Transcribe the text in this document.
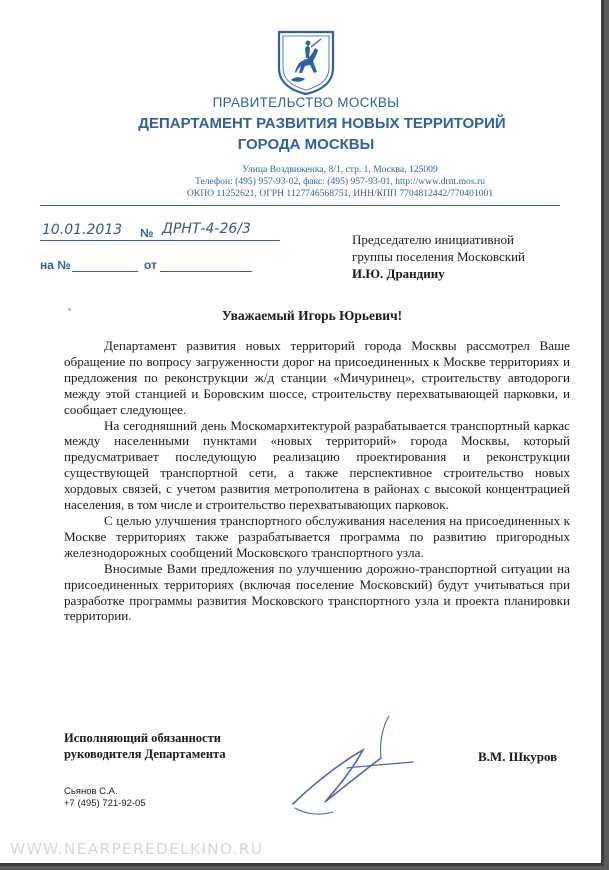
ПРАВИТЕЛЬСТВО МОСКВЫ
ДЕПАРТАМЕНТ РАЗВИТИЯ НОВЫХ ТЕРРИТОРИЙ
ГОРОДА МОСКВЫ
Улица Воздвиженка, 8/1, стр. 1, Москва, 125009
Телефон: (495) 957-93-02, факс: (495) 957-93-01, http://www.drnt.mos.ru
ОКПО 11252621, ОГРН 1127746568751, ИНН/КПП 7704812442/770401001
10.01.2013 № ДРНТ-4-26/3
на №	от
Председателю инициативной
группы поселения Московский
И.Ю. Драндину
Уважаемый Игорь Юрьевич!

Департамент развития новых территорий города Москвы рассмотрел Ваше обращение по вопросу загруженности дорог на присоединенных к Москве территориях и предложения по реконструкции ж/д станции «Мичуринец», строительству автодороги между этой станцией и Боровским шоссе, строительству перехватывающей парковки, и сообщает следующее.

На сегодняшний день Москомархитектурой разрабатывается транспортный каркас между населенными пунктами «новых территорий» города Москвы, который предусматривает последующую реализацию проектирования и реконструкции существующей транспортной сети, а также перспективное строительство новых хордовых связей, с учетом развития метрополитена в районах с высокой концентрацией населения, в том числе и строительство перехватывающих парковок.

С целью улучшения транспортного обслуживания населения на присоединенных к Москве территориях также разрабатывается программа по развитию пригородных железнодорожных сообщений Московского транспортного узла.

Вносимые Вами предложения по улучшению дорожно-транспортной ситуации на присоединенных территориях (включая поселение Московский) будут учитываться при разработке программы развития Московского транспортного узла и проекта планировки территории.

Исполняющий обязанности
руководителя Департамента	В.М. Шкуров
Сьянов С.А.
+7 (495) 721-92-05
WWW.NEARPEREDELKINO.RU
